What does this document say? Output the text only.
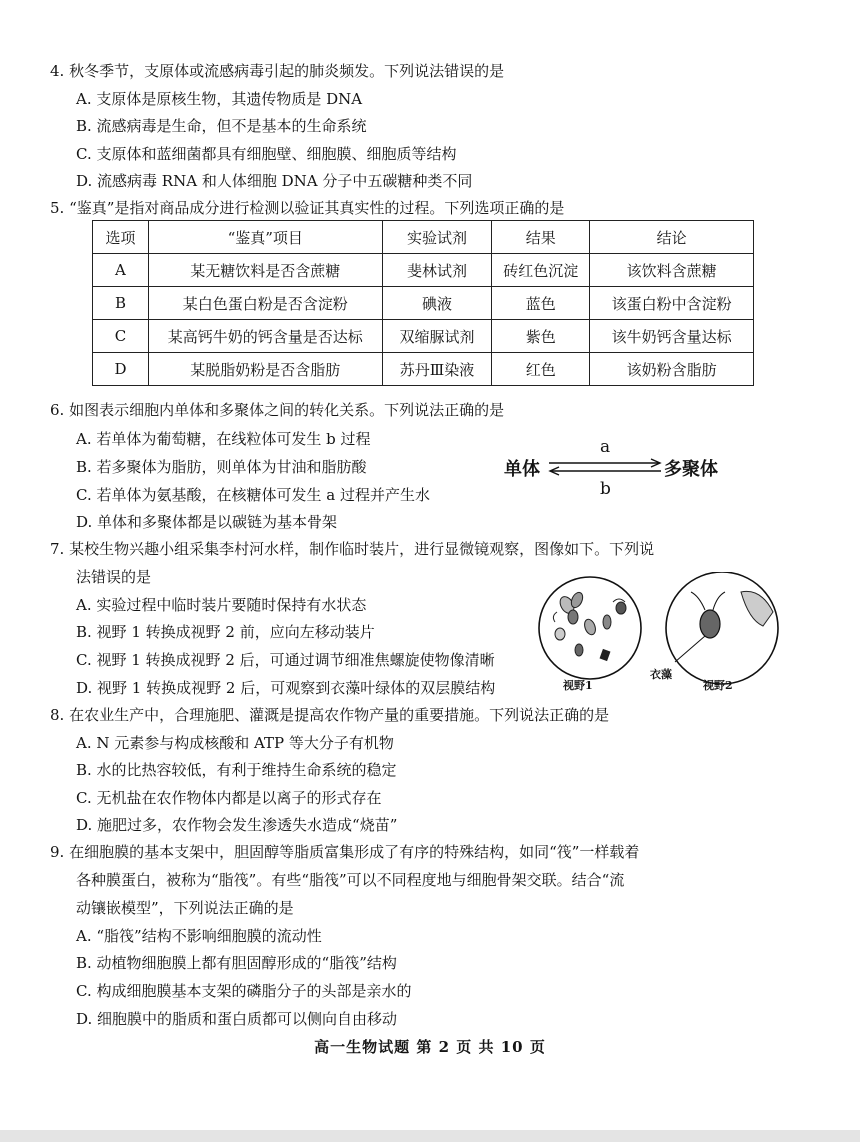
4. 秋冬季节，支原体或流感病毒引起的肺炎频发。下列说法错误的是
A. 支原体是原核生物，其遗传物质是 DNA
B. 流感病毒是生命，但不是基本的生命系统
C. 支原体和蓝细菌都具有细胞壁、细胞膜、细胞质等结构
D. 流感病毒 RNA 和人体细胞 DNA 分子中五碳糖种类不同
5. “鉴真”是指对商品成分进行检测以验证其真实性的过程。下列选项正确的是
选项	“鉴真”项目	实验试剂	结果	结论
A	某无糖饮料是否含蔗糖	斐林试剂	砖红色沉淀	该饮料含蔗糖
B	某白色蛋白粉是否含淀粉	碘液	蓝色	该蛋白粉中含淀粉
C	某高钙牛奶的钙含量是否达标	双缩脲试剂	紫色	该牛奶钙含量达标
D	某脱脂奶粉是否含脂肪	苏丹Ⅲ染液	红色	该奶粉含脂肪
6. 如图表示细胞内单体和多聚体之间的转化关系。下列说法正确的是
A. 若单体为葡萄糖，在线粒体可发生 b 过程
B. 若多聚体为脂肪，则单体为甘油和脂肪酸
C. 若单体为氨基酸，在核糖体可发生 a 过程并产生水
D. 单体和多聚体都是以碳链为基本骨架
a
单体	多聚体
b
7. 某校生物兴趣小组采集李村河水样，制作临时装片，进行显微镜观察，图像如下。下列说
法错误的是
A. 实验过程中临时装片要随时保持有水状态
B. 视野 1 转换成视野 2 前，应向左移动装片
C. 视野 1 转换成视野 2 后，可通过调节细准焦螺旋使物像清晰
D. 视野 1 转换成视野 2 后，可观察到衣藻叶绿体的双层膜结构	视野1
衣藻
视野2
8. 在农业生产中，合理施肥、灌溉是提高农作物产量的重要措施。下列说法正确的是
A. N 元素参与构成核酸和 ATP 等大分子有机物
B. 水的比热容较低，有利于维持生命系统的稳定
C. 无机盐在农作物体内都是以离子的形式存在
D. 施肥过多，农作物会发生渗透失水造成“烧苗”
9. 在细胞膜的基本支架中，胆固醇等脂质富集形成了有序的特殊结构，如同“筏”一样载着
各种膜蛋白，被称为“脂筏”。有些“脂筏”可以不同程度地与细胞骨架交联。结合“流
动镶嵌模型”，下列说法正确的是
A. “脂筏”结构不影响细胞膜的流动性
B. 动植物细胞膜上都有胆固醇形成的“脂筏”结构
C. 构成细胞膜基本支架的磷脂分子的头部是亲水的
D. 细胞膜中的脂质和蛋白质都可以侧向自由移动
高一生物试题 第 2 页 共 10 页
